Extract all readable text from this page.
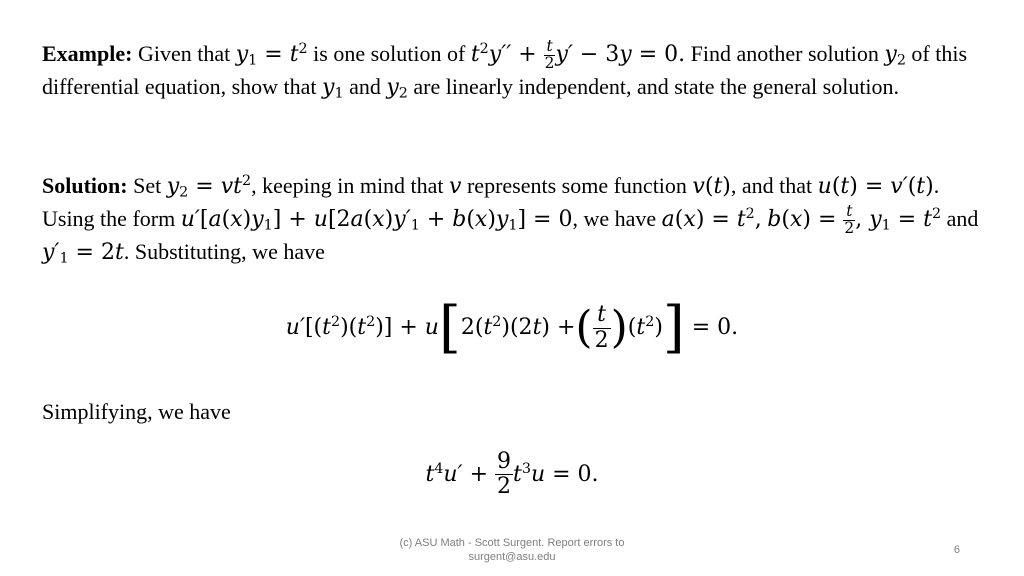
Example: Given that $y_1 = t^2$ is one solution of $t^2y'' + \frac{t}{2} y' - 3y = 0$. Find another solution $y_2$ of this differential equation, show that $y_1$ and $y_2$ are linearly independent, and state the general solution.
Solution: Set $y_2 = vt^2$, keeping in mind that v represents some function v(t), and that u(t) = v′(t). Using the form $u'[a(x)y_1] + u[2a(x)y'_1 + b(x)y_1] = 0$, we have $a(x) = t^2$, $b(x) = \frac{t}{2}$ , $y_1 = t^2$ and $y'_1 = 2t$. Substituting, we have
$u'[(t^2)(t^2)] + u[2(t^2)(2t)$ +( $\frac{t}{2} )(t^2)] = 0$.
Simplifying, we have
$t^4u' + \frac{9}{2} t^3u = 0$.
(c) ASU Math - Scott Surgent. Report errors to surgent@asu.edu
6
